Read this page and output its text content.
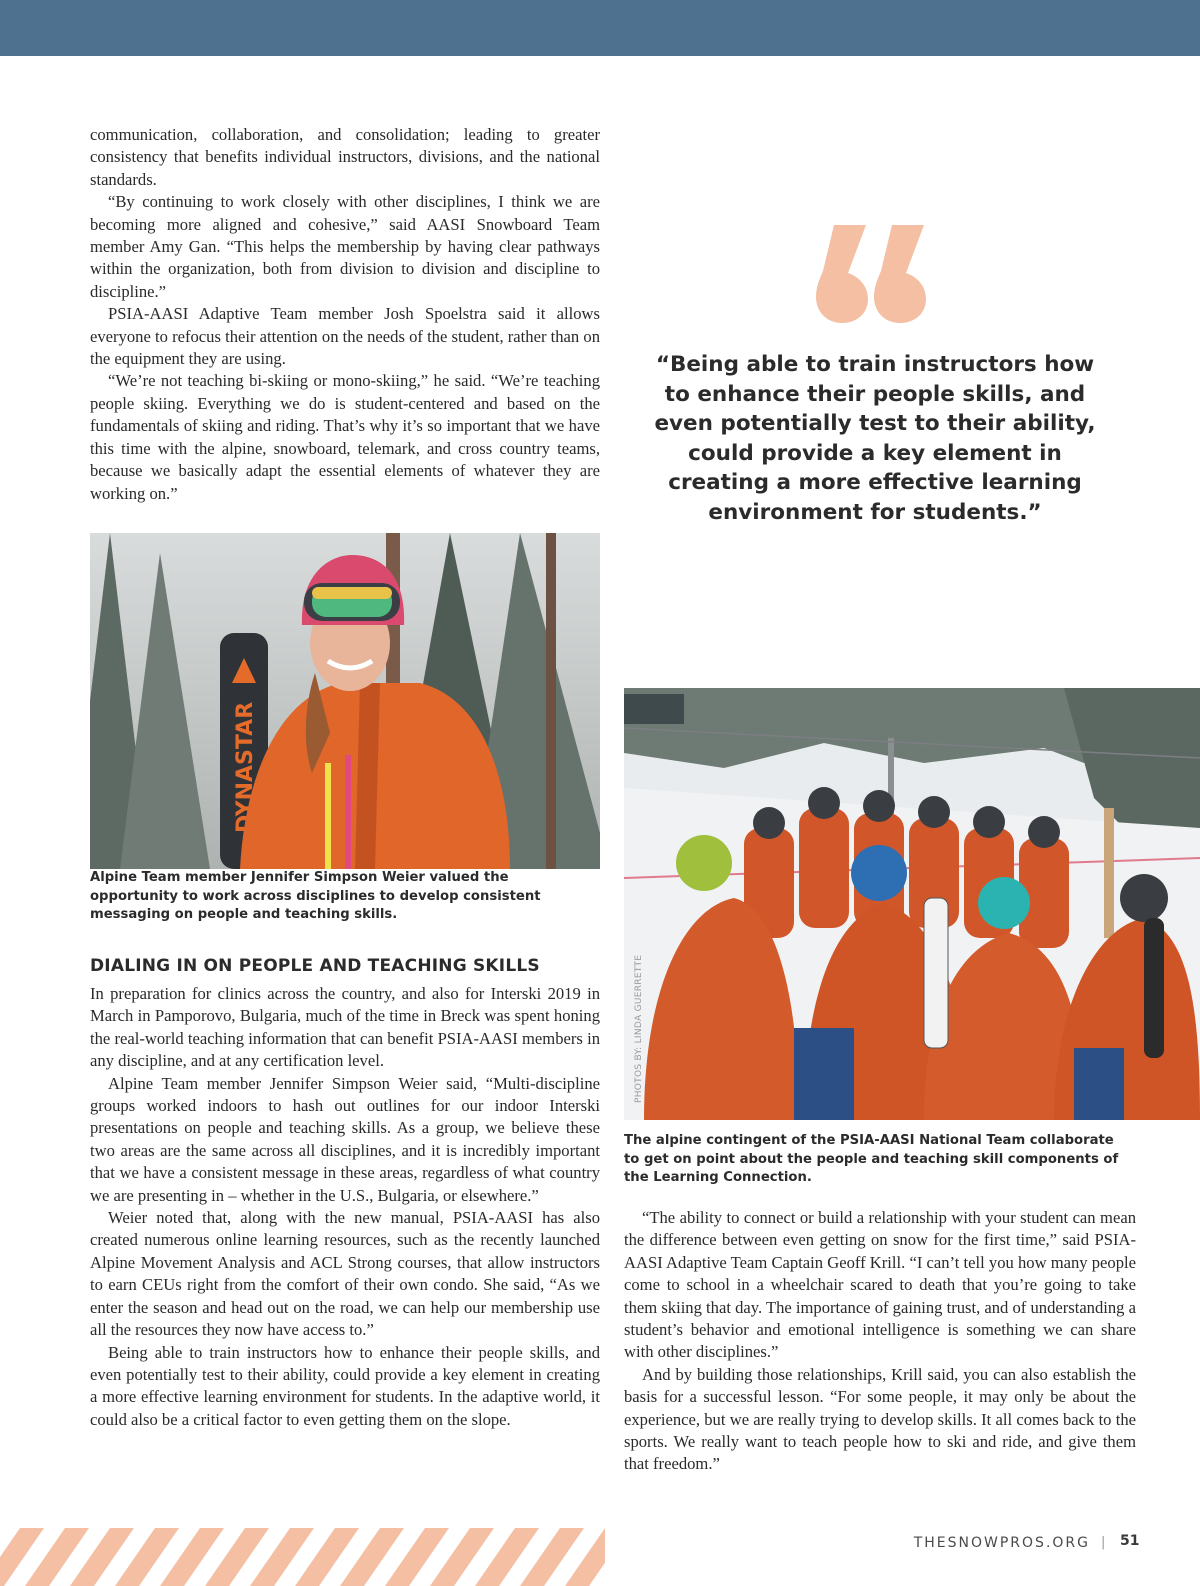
communication, collaboration, and consolidation; leading to greater consistency that benefits individual instructors, divisions, and the national standards.

“By continuing to work closely with other disciplines, I think we are becoming more aligned and cohesive,” said AASI Snowboard Team member Amy Gan. “This helps the membership by having clear pathways within the organization, both from division to division and discipline to discipline.”

PSIA-AASI Adaptive Team member Josh Spoelstra said it allows everyone to refocus their attention on the needs of the student, rather than on the equipment they are using.

“We’re not teaching bi-skiing or mono-skiing,” he said. “We’re teaching people skiing. Everything we do is student-centered and based on the fundamentals of skiing and riding. That’s why it’s so important that we have this time with the alpine, snowboard, telemark, and cross country teams, because we basically adapt the essential elements of whatever they are working on.”

“Being able to train instructors how to enhance their people skills, and even potentially test to their ability, could provide a key element in creating a more effective learning environment for students.”
DYNASTAR
Alpine Team member Jennifer Simpson Weier valued the opportunity to work across disciplines to develop consistent messaging on people and teaching skills.
DIALING IN ON PEOPLE AND TEACHING SKILLS

In preparation for clinics across the country, and also for Interski 2019 in March in Pamporovo, Bulgaria, much of the time in Breck was spent honing the real-world teaching information that can benefit PSIA-AASI members in any discipline, and at any certification level.

Alpine Team member Jennifer Simpson Weier said, “Multi-discipline groups worked indoors to hash out outlines for our indoor Interski presentations on people and teaching skills. As a group, we believe these two areas are the same across all disciplines, and it is incredibly important that we have a consistent message in these areas, regardless of what country we are presenting in – whether in the U.S., Bulgaria, or elsewhere.”

Weier noted that, along with the new manual, PSIA-AASI has also created numerous online learning resources, such as the recently launched Alpine Movement Analysis and ACL Strong courses, that allow instructors to earn CEUs right from the comfort of their own condo. She said, “As we enter the season and head out on the road, we can help our membership use all the resources they now have access to.”

Being able to train instructors how to enhance their people skills, and even potentially test to their ability, could provide a key element in creating a more effective learning environment for students. In the adaptive world, it could also be a critical factor to even getting them on the slope.

PHOTOS BY: LINDA GUERRETTE
The alpine contingent of the PSIA-AASI National Team collaborate to get on point about the people and teaching skill components of the Learning Connection.

“The ability to connect or build a relationship with your student can mean the difference between even getting on snow for the first time,” said PSIA-AASI Adaptive Team Captain Geoff Krill. “I can’t tell you how many people come to school in a wheelchair scared to death that you’re going to take them skiing that day. The importance of gaining trust, and of understanding a student’s behavior and emotional intelligence is something we can share with other disciplines.”

And by building those relationships, Krill said, you can also establish the basis for a successful lesson. “For some people, it may only be about the experience, but we are really trying to develop skills. It all comes back to the sports. We really want to teach people how to ski and ride, and give them that freedom.”

THESNOWPROS.ORG | 51
